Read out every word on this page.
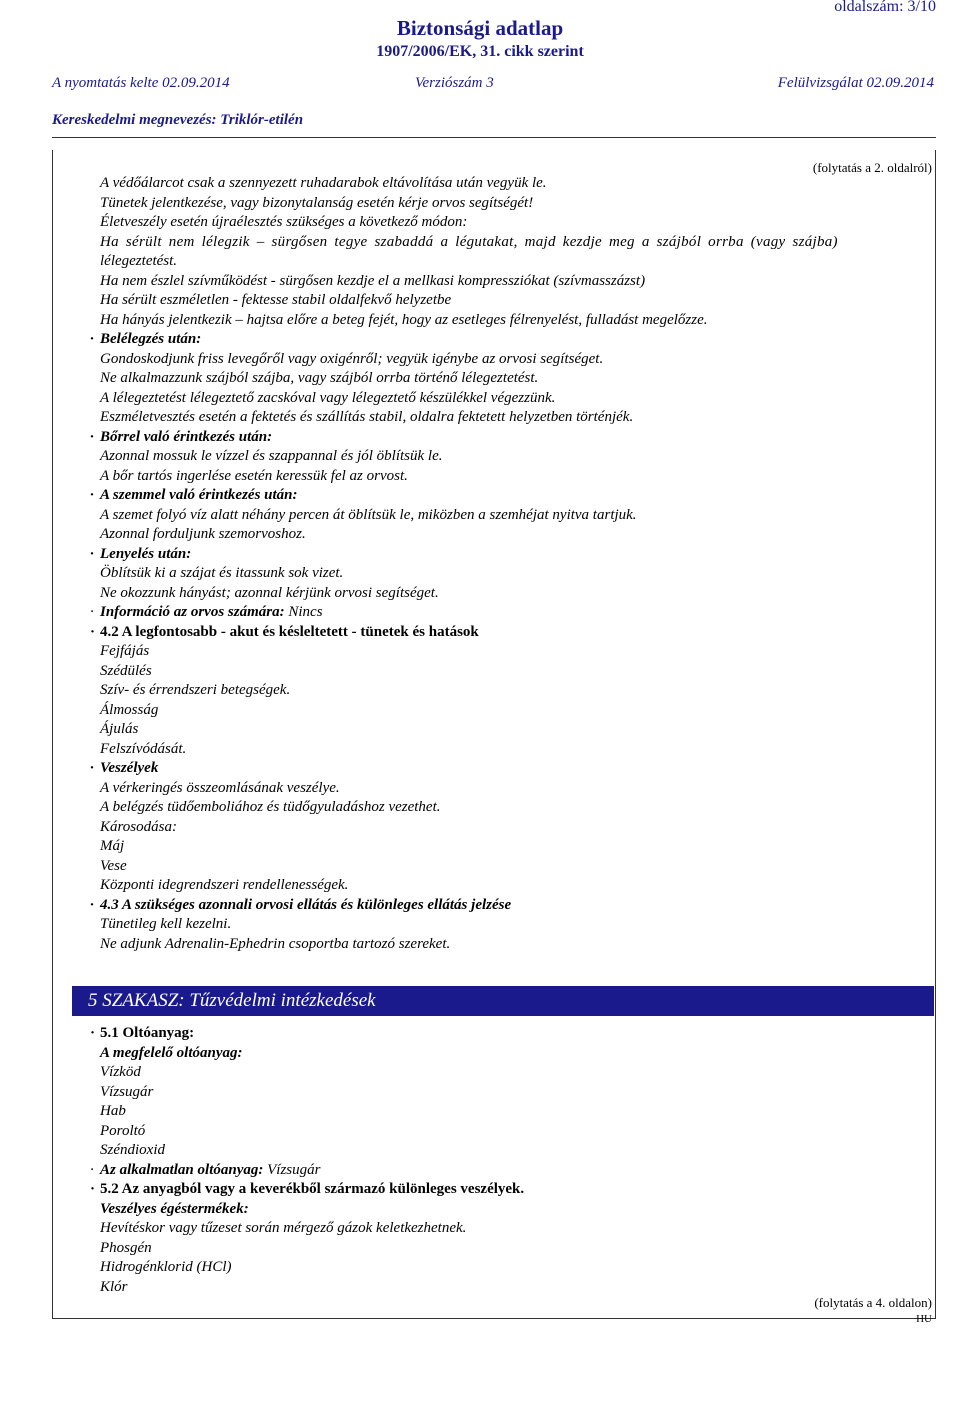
oldalszám: 3/10
Biztonsági adatlap
1907/2006/EK, 31. cikk szerint
A nyomtatás kelte 02.09.2014	Verziószám 3	Felülvizsgálat 02.09.2014
Kereskedelmi megnevezés: Triklór-etilén
(folytatás a 2. oldalról)
A védőálarcot csak a szennyezett ruhadarabok eltávolítása után vegyük le.
Tünetek jelentkezése, vagy bizonytalanság esetén kérje orvos segítségét!
Életveszély esetén újraélesztés szükséges a következő módon:
Ha sérült nem lélegzik – sürgősen tegye szabaddá a légutakat, majd kezdje meg a szájból orrba (vagy szájba)
lélegeztetést.
Ha nem észlel szívműködést - sürgősen kezdje el a mellkasi kompressziókat (szívmasszázst)
Ha sérült eszméletlen - fektesse stabil oldalfekvő helyzetbe
Ha hányás jelentkezik – hajtsa előre a beteg fejét, hogy az esetleges félrenyelést, fulladást megelőzze.
· Belélegzés után:
Gondoskodjunk friss levegőről vagy oxigénről; vegyük igénybe az orvosi segítséget.
Ne alkalmazzunk szájból szájba, vagy szájból orrba történő lélegeztetést.
A lélegeztetést lélegeztető zacskóval vagy lélegeztető készülékkel végezzünk.
Eszméletvesztés esetén a fektetés és szállítás stabil, oldalra fektetett helyzetben történjék.
· Bőrrel való érintkezés után:
Azonnal mossuk le vízzel és szappannal és jól öblítsük le.
A bőr tartós ingerlése esetén keressük fel az orvost.
· A szemmel való érintkezés után:
A szemet folyó víz alatt néhány percen át öblítsük le, miközben a szemhéjat nyitva tartjuk.
Azonnal forduljunk szemorvoshoz.
· Lenyelés után:
Öblítsük ki a szájat és itassunk sok vizet.
Ne okozzunk hányást; azonnal kérjünk orvosi segítséget.
· Információ az orvos számára: Nincs
· 4.2 A legfontosabb - akut és késleltetett - tünetek és hatások
Fejfájás
Szédülés
Szív- és érrendszeri betegségek.
Álmosság
Ájulás
Felszívódását.
· Veszélyek
A vérkeringés összeomlásának veszélye.
A belégzés tüdőemboliához és tüdőgyuladáshoz vezethet.
Károsodása:
Máj
Vese
Központi idegrendszeri rendellenességek.
· 4.3 A szükséges azonnali orvosi ellátás és különleges ellátás jelzése
Tünetileg kell kezelni.
Ne adjunk Adrenalin-Ephedrin csoportba tartozó szereket.
5 SZAKASZ: Tűzvédelmi intézkedések
· 5.1 Oltóanyag:
A megfelelő oltóanyag:
Vízköd
Vízsugár
Hab
Poroltó
Széndioxid
· Az alkalmatlan oltóanyag: Vízsugár
· 5.2 Az anyagból vagy a keverékből származó különleges veszélyek.
Veszélyes égéstermékek:
Hevítéskor vagy tűzeset során mérgező gázok keletkezhetnek.
Phosgén
Hidrogénklorid (HCl)
Klór
(folytatás a 4. oldalon)
HU
